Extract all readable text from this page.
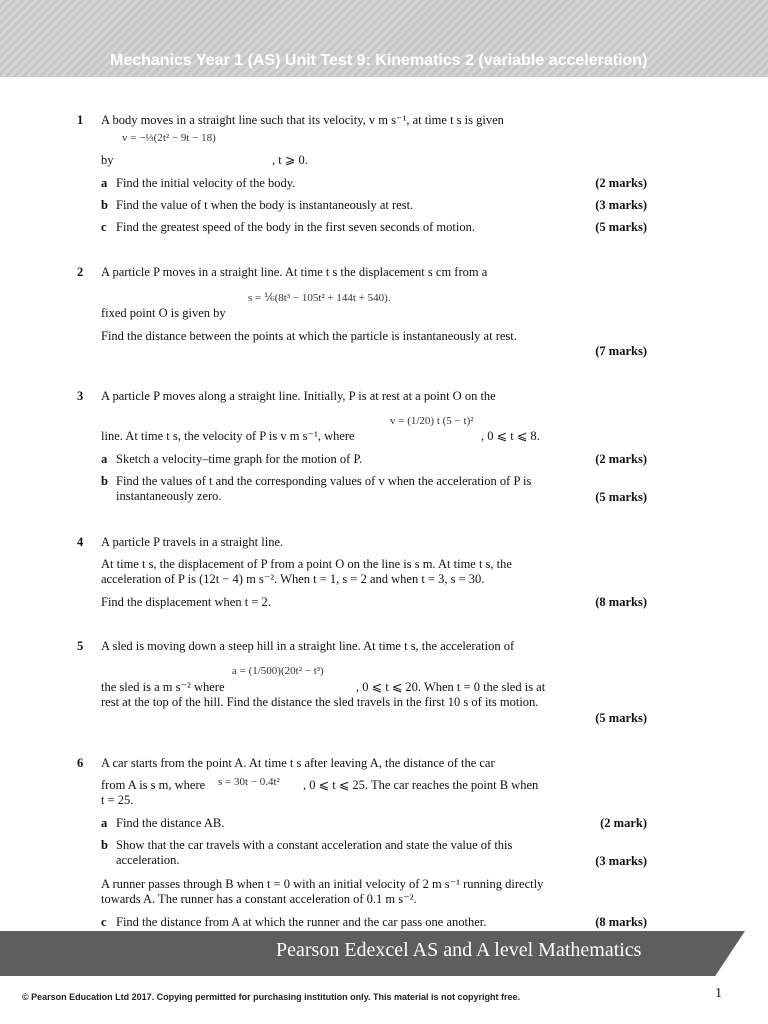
Mechanics Year 1 (AS) Unit Test 9: Kinematics 2 (variable acceleration)
1 A body moves in a straight line such that its velocity, v m s⁻¹, at time t s is given
v = −⅓(2t² − 9t − 18)
by	, t ⩾ 0.
a Find the initial velocity of the body.	(2 marks)
b Find the value of t when the body is instantaneously at rest.	(3 marks)
c Find the greatest speed of the body in the first seven seconds of motion.	(5 marks)
2 A particle P moves in a straight line. At time t s the displacement s cm from a
s = ⅙(8t³ − 105t² + 144t + 540).
fixed point O is given by
Find the distance between the points at which the particle is instantaneously at rest.
(7 marks)
3 A particle P moves along a straight line. Initially, P is at rest at a point O on the
v = (1/20) t (5 − t)²
line. At time t s, the velocity of P is v m s⁻¹, where	, 0 ⩽ t ⩽ 8.
a Sketch a velocity–time graph for the motion of P.	(2 marks)
b Find the values of t and the corresponding values of v when the acceleration of P is instantaneously zero.	(5 marks)
4 A particle P travels in a straight line.
At time t s, the displacement of P from a point O on the line is s m. At time t s, the acceleration of P is (12t − 4) m s⁻². When t = 1, s = 2 and when t = 3, s = 30.
Find the displacement when t = 2.	(8 marks)
5 A sled is moving down a steep hill in a straight line. At time t s, the acceleration of
a = (1/500)(20t² − t³)
the sled is a m s⁻² where	, 0 ⩽ t ⩽ 20. When t = 0 the sled is at
rest at the top of the hill. Find the distance the sled travels in the first 10 s of its motion.
(5 marks)
6 A car starts from the point A. At time t s after leaving A, the distance of the car
from A is s m, where s = 30t − 0.4t² , 0 ⩽ t ⩽ 25. The car reaches the point B when
t = 25.
a Find the distance AB.	(2 mark)
b Show that the car travels with a constant acceleration and state the value of this acceleration.	(3 marks)
A runner passes through B when t = 0 with an initial velocity of 2 m s⁻¹ running directly towards A. The runner has a constant acceleration of 0.1 m s⁻².
c Find the distance from A at which the runner and the car pass one another.	(8 marks)
Pearson Edexcel AS and A level Mathematics
© Pearson Education Ltd 2017. Copying permitted for purchasing institution only. This material is not copyright free.	1
